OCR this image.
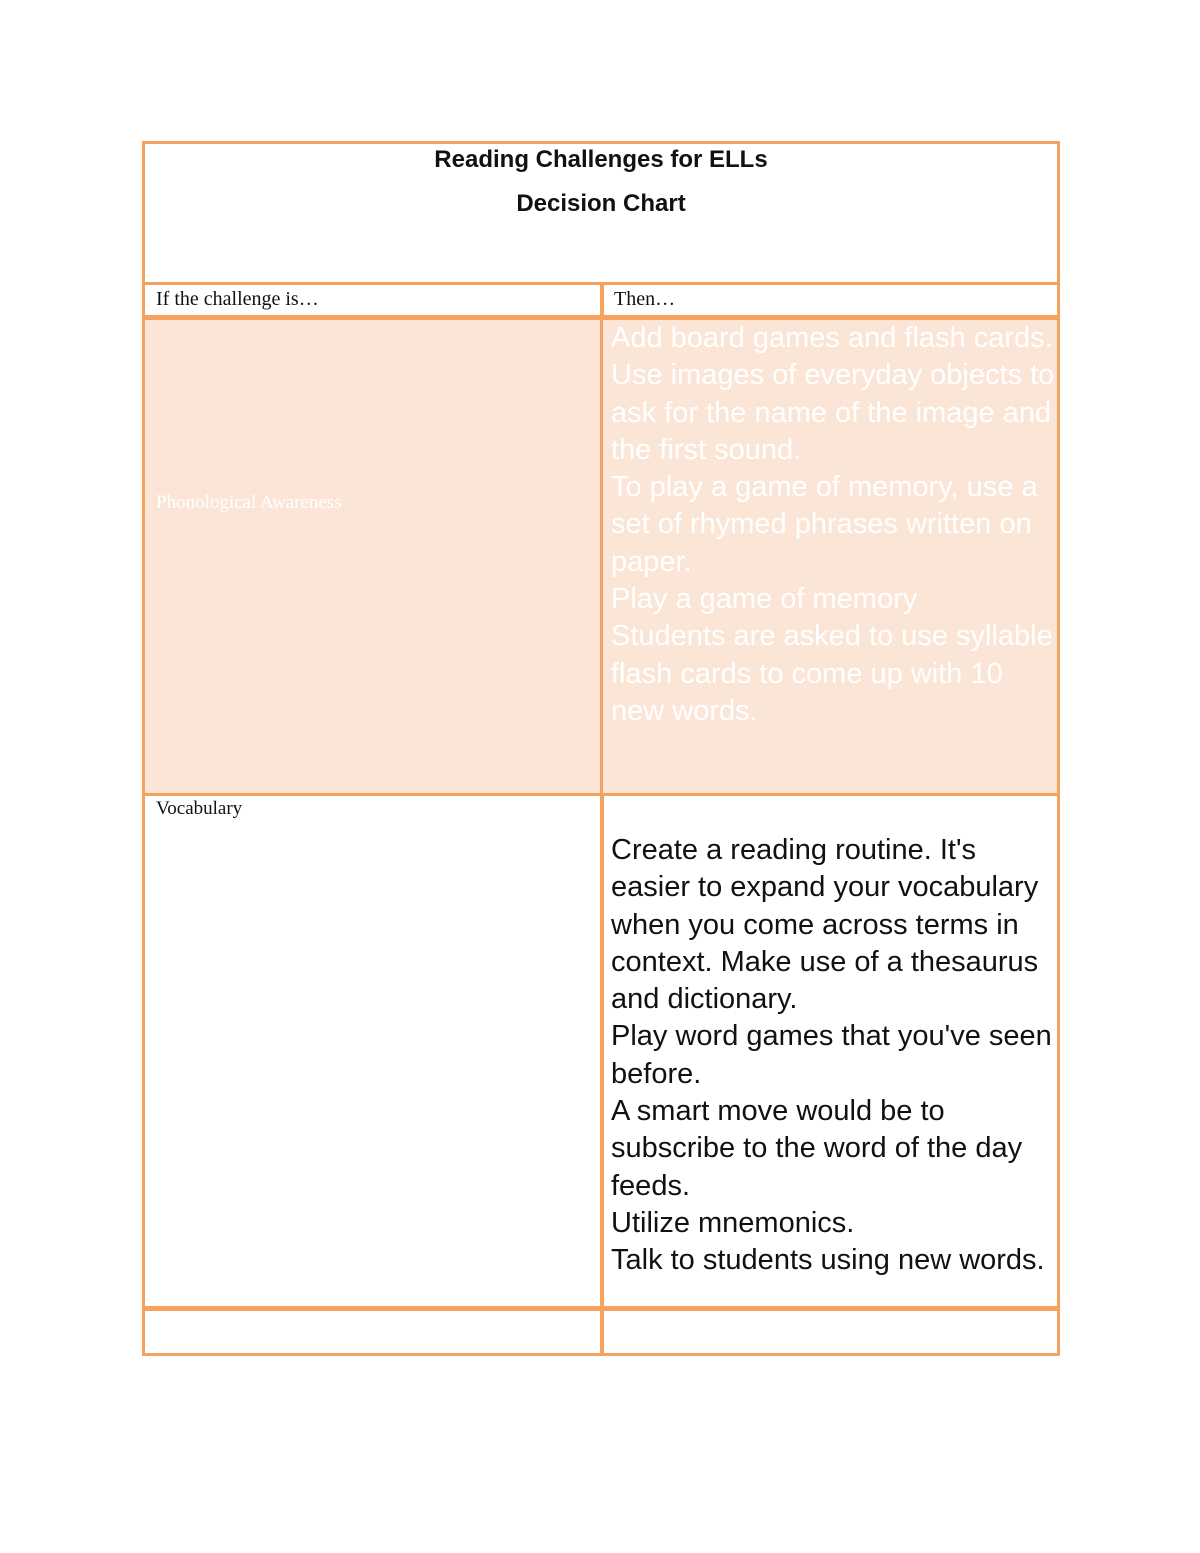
Reading Challenges for ELLs
Decision Chart
If the challenge is…	Then…
Phonological Awareness
Vocabulary
Add board games and flash cards.
Use images of everyday objects to ask for the name of the image and the first sound.
To play a game of memory, use a set of rhymed phrases written on paper.
Play a game of memory
Students are asked to use syllable flash cards to come up with 10 new words.
Create a reading routine. It's easier to expand your vocabulary when you come across terms in context. Make use of a thesaurus and dictionary.
Play word games that you've seen before.
A smart move would be to subscribe to the word of the day feeds.
Utilize mnemonics.
Talk to students using new words.
